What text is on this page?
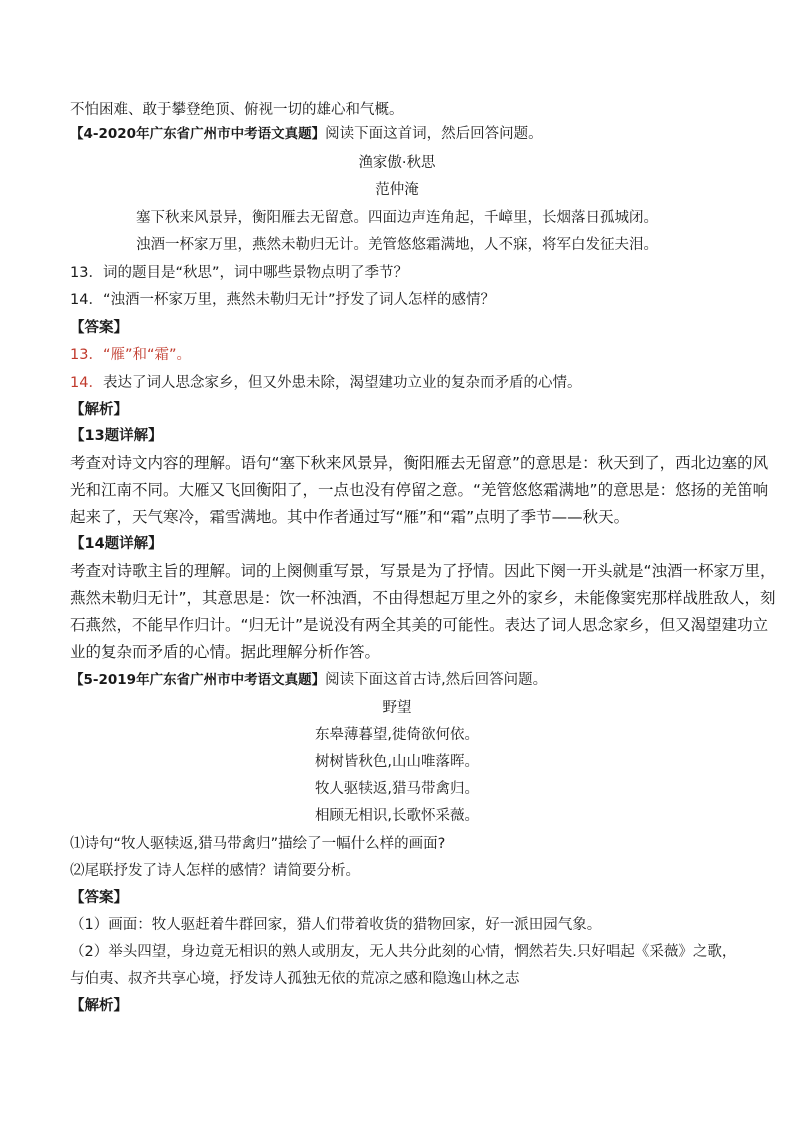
不怕困难、敢于攀登绝顶、俯视一切的雄心和气概。
【4-2020年广东省广州市中考语文真题】阅读下面这首词，然后回答问题。
渔家傲·秋思
范仲淹
塞下秋来风景异，衡阳雁去无留意。四面边声连角起，千嶂里，长烟落日孤城闭。
浊酒一杯家万里，燕然未勒归无计。羌管悠悠霜满地，人不寐，将军白发征夫泪。
13．词的题目是“秋思”，词中哪些景物点明了季节？
14．“浊酒一杯家万里，燕然未勒归无计”抒发了词人怎样的感情？
【答案】
13．“雁”和“霜”。
14．表达了词人思念家乡，但又外患未除，渴望建功立业的复杂而矛盾的心情。
【解析】
【13题详解】
考查对诗文内容的理解。语句“塞下秋来风景异，衡阳雁去无留意”的意思是：秋天到了，西北边塞的风
光和江南不同。大雁又飞回衡阳了，一点也没有停留之意。“羌管悠悠霜满地”的意思是：悠扬的羌笛响
起来了，天气寒冷，霜雪满地。其中作者通过写“雁”和“霜”点明了季节——秋天。
【14题详解】
考查对诗歌主旨的理解。词的上阕侧重写景，写景是为了抒情。因此下阕一开头就是“浊酒一杯家万里，
燕然未勒归无计”，其意思是：饮一杯浊酒，不由得想起万里之外的家乡，未能像窦宪那样战胜敌人，刻
石燕然，不能早作归计。“归无计”是说没有两全其美的可能性。表达了词人思念家乡，但又渴望建功立
业的复杂而矛盾的心情。据此理解分析作答。
【5-2019年广东省广州市中考语文真题】阅读下面这首古诗,然后回答问题。
野望
东皋薄暮望,徙倚欲何依。
树树皆秋色,山山唯落晖。
牧人驱犊返,猎马带禽归。
相顾无相识,长歌怀采薇。
⑴诗句“牧人驱犊返,猎马带禽归”描绘了一幅什么样的画面?
⑵尾联抒发了诗人怎样的感情？请简要分析。
【答案】
（1）画面：牧人驱赶着牛群回家，猎人们带着收货的猎物回家，好一派田园气象。
（2）举头四望，身边竟无相识的熟人或朋友，无人共分此刻的心情，惘然若失.只好唱起《采薇》之歌，
与伯夷、叔齐共享心境，抒发诗人孤独无依的荒凉之感和隐逸山林之志
【解析】
